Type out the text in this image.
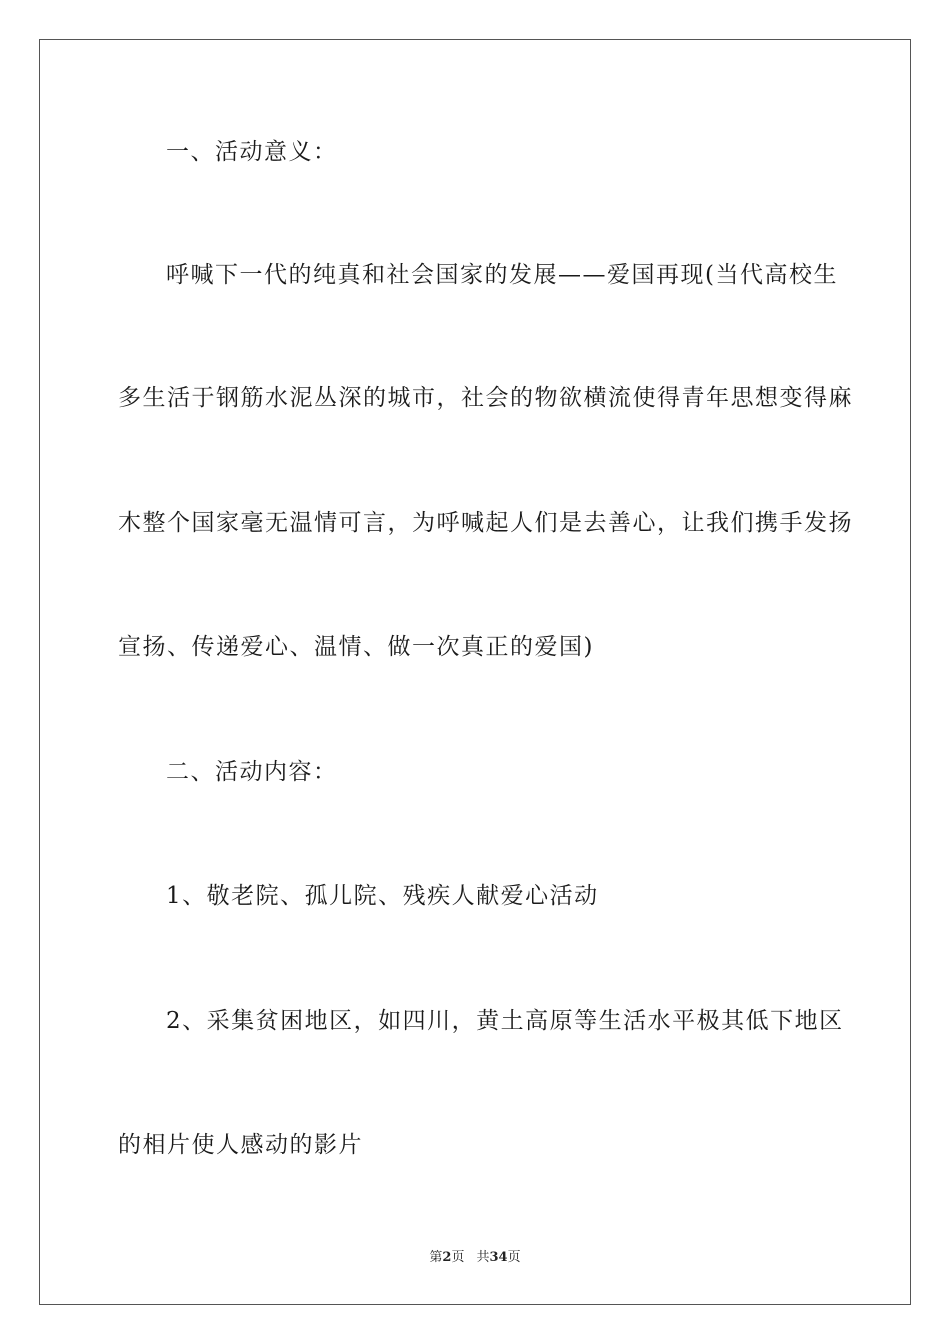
一、活动意义：
呼喊下一代的纯真和社会国家的发展——爱国再现(当代高校生
多生活于钢筋水泥丛深的城市，社会的物欲横流使得青年思想变得麻
木整个国家毫无温情可言，为呼喊起人们是去善心，让我们携手发扬
宣扬、传递爱心、温情、做一次真正的爱国)
二、活动内容：
1、敬老院、孤儿院、残疾人献爱心活动
2、采集贫困地区，如四川，黄土高原等生活水平极其低下地区
的相片使人感动的影片
第2页 共34页
